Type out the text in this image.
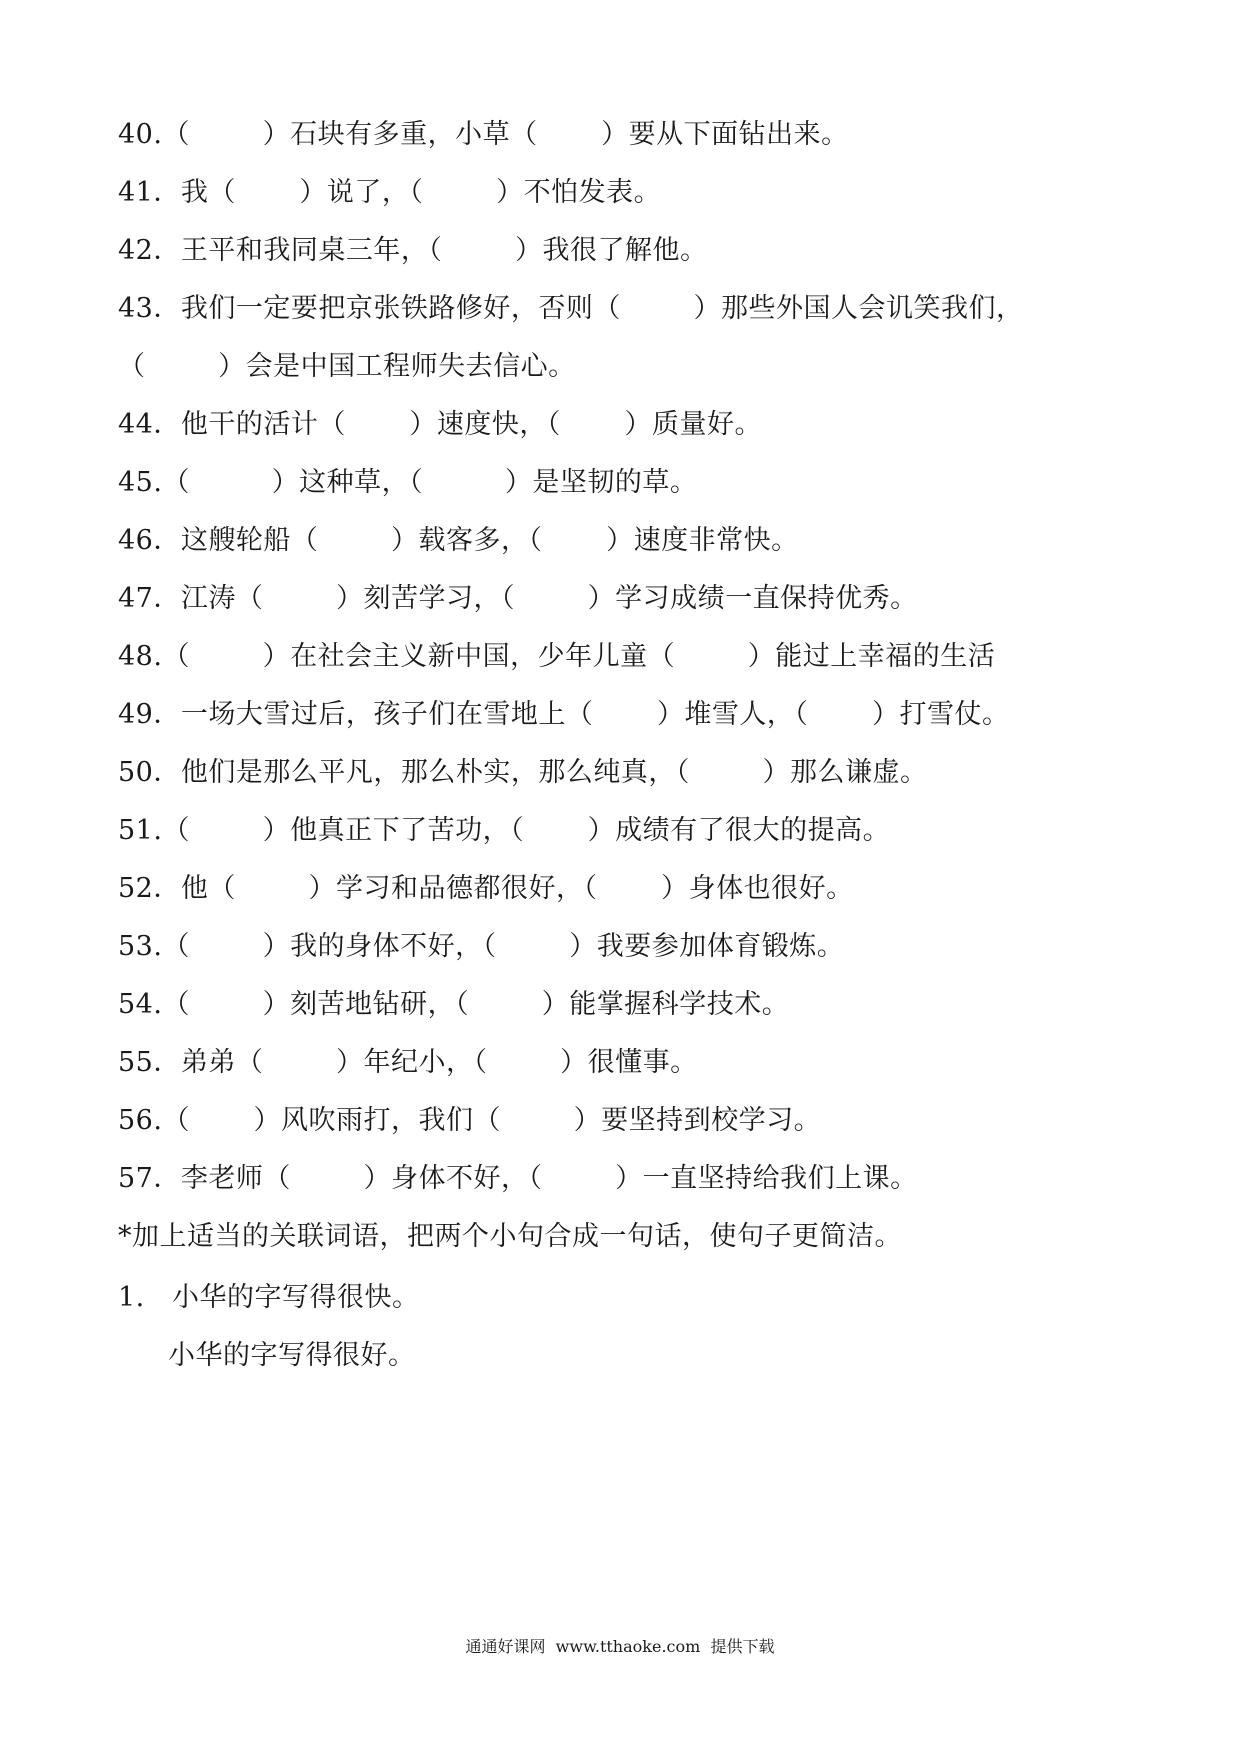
40.（        ）石块有多重，小草（       ）要从下面钻出来。
41．我（       ）说了，（        ）不怕发表。
42．王平和我同桌三年，（        ）我很了解他。
43．我们一定要把京张铁路修好，否则（        ）那些外国人会讥笑我们，
（        ）会是中国工程师失去信心。
44．他干的活计（       ）速度快，（       ）质量好。
45.（         ）这种草，（         ）是坚韧的草。
46．这艘轮船（        ）载客多，（       ）速度非常快。
47．江涛（        ）刻苦学习，（        ）学习成绩一直保持优秀。
48.（        ）在社会主义新中国，少年儿童（        ）能过上幸福的生活
49．一场大雪过后，孩子们在雪地上（       ）堆雪人，（       ）打雪仗。
50．他们是那么平凡，那么朴实，那么纯真，（        ）那么谦虚。
51.（        ）他真正下了苦功，（       ）成绩有了很大的提高。
52．他（        ）学习和品德都很好，（       ）身体也很好。
53.（        ）我的身体不好，（        ）我要参加体育锻炼。
54.（        ）刻苦地钻研，（        ）能掌握科学技术。
55．弟弟（        ）年纪小，（        ）很懂事。
56.（       ）风吹雨打，我们（        ）要坚持到校学习。
57．李老师（        ）身体不好，（        ）一直坚持给我们上课。
*加上适当的关联词语，把两个小句合成一句话，使句子更简洁。
1.   小华的字写得很快。
小华的字写得很好。
通通好课网  www.tthaoke.com  提供下载
